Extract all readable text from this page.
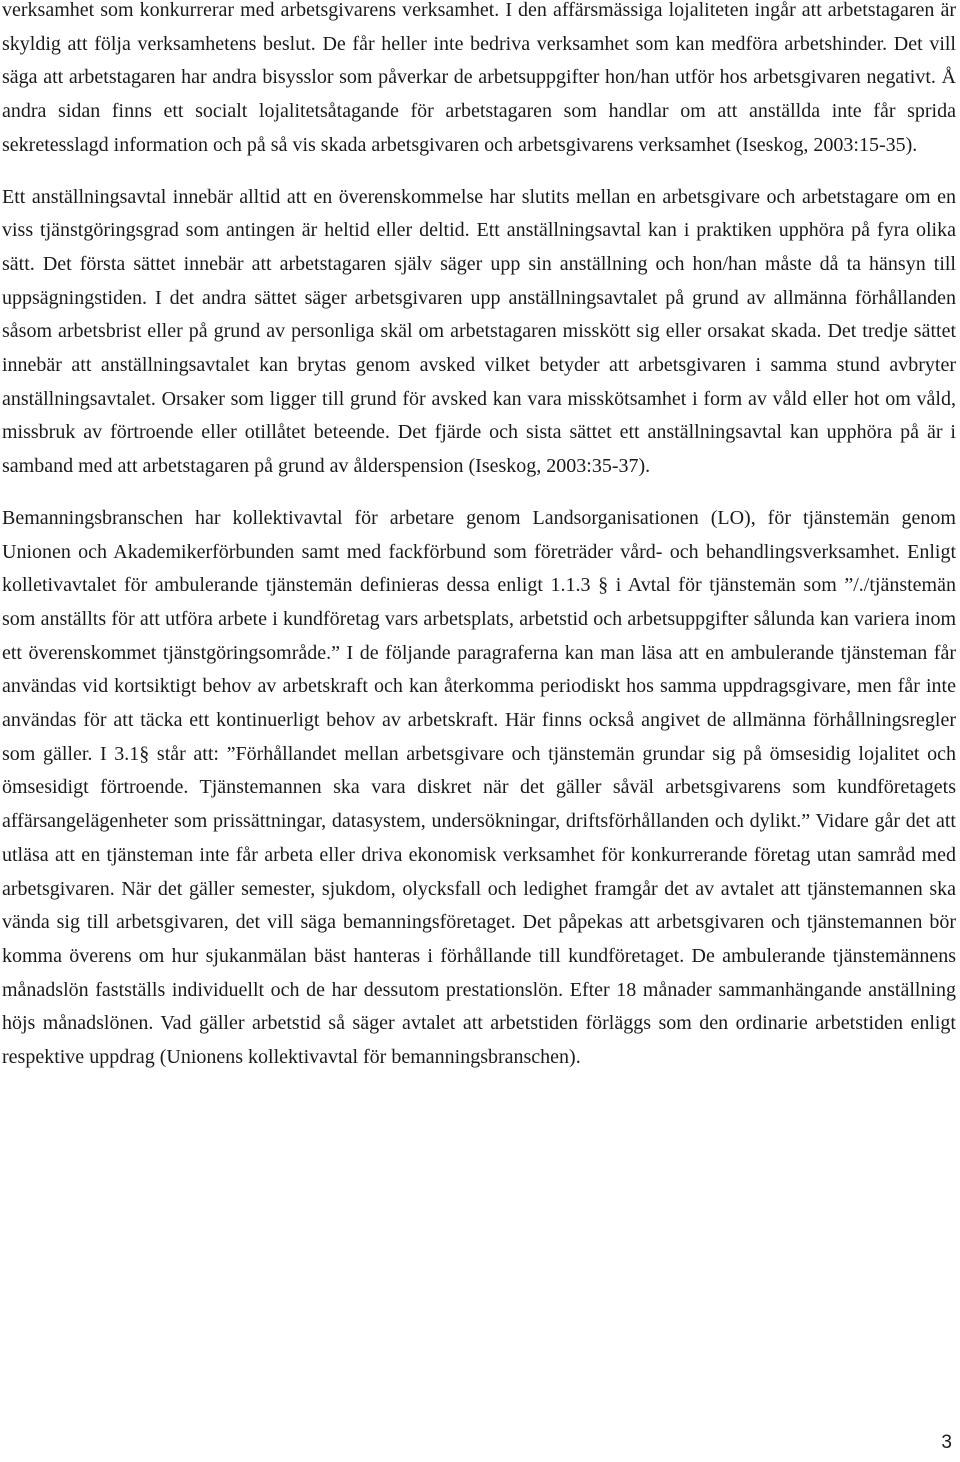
verksamhet som konkurrerar med arbetsgivarens verksamhet. I den affärsmässiga lojaliteten ingår att arbetstagaren är skyldig att följa verksamhetens beslut. De får heller inte bedriva verksamhet som kan medföra arbetshinder. Det vill säga att arbetstagaren har andra bisysslor som påverkar de arbetsuppgifter hon/han utför hos arbetsgivaren negativt. Å andra sidan finns ett socialt lojalitetsåtagande för arbetstagaren som handlar om att anställda inte får sprida sekretesslagd information och på så vis skada arbetsgivaren och arbetsgivarens verksamhet (Iseskog, 2003:15-35).

Ett anställningsavtal innebär alltid att en överenskommelse har slutits mellan en arbetsgivare och arbetstagare om en viss tjänstgöringsgrad som antingen är heltid eller deltid. Ett anställningsavtal kan i praktiken upphöra på fyra olika sätt. Det första sättet innebär att arbetstagaren själv säger upp sin anställning och hon/han måste då ta hänsyn till uppsägningstiden. I det andra sättet säger arbetsgivaren upp anställningsavtalet på grund av allmänna förhållanden såsom arbetsbrist eller på grund av personliga skäl om arbetstagaren misskött sig eller orsakat skada. Det tredje sättet innebär att anställningsavtalet kan brytas genom avsked vilket betyder att arbetsgivaren i samma stund avbryter anställningsavtalet. Orsaker som ligger till grund för avsked kan vara misskötsamhet i form av våld eller hot om våld, missbruk av förtroende eller otillåtet beteende. Det fjärde och sista sättet ett anställningsavtal kan upphöra på är i samband med att arbetstagaren på grund av ålderspension (Iseskog, 2003:35-37).

Bemanningsbranschen har kollektivavtal för arbetare genom Landsorganisationen (LO), för tjänstemän genom Unionen och Akademikerförbunden samt med fackförbund som företräder vård- och behandlingsverksamhet. Enligt kolletivavtalet för ambulerande tjänstemän definieras dessa enligt 1.1.3 § i Avtal för tjänstemän som ”/./tjänstemän som anställts för att utföra arbete i kundföretag vars arbetsplats, arbetstid och arbetsuppgifter sålunda kan variera inom ett överenskommet tjänstgöringsområde.” I de följande paragraferna kan man läsa att en ambulerande tjänsteman får användas vid kortsiktigt behov av arbetskraft och kan återkomma periodiskt hos samma uppdragsgivare, men får inte användas för att täcka ett kontinuerligt behov av arbetskraft. Här finns också angivet de allmänna förhållningsregler som gäller. I 3.1§ står att: ”Förhållandet mellan arbetsgivare och tjänstemän grundar sig på ömsesidig lojalitet och ömsesidigt förtroende. Tjänstemannen ska vara diskret när det gäller såväl arbetsgivarens som kundföretagets affärsangelägenheter som prissättningar, datasystem, undersökningar, driftsförhållanden och dylikt.” Vidare går det att utläsa att en tjänsteman inte får arbeta eller driva ekonomisk verksamhet för konkurrerande företag utan samråd med arbetsgivaren. När det gäller semester, sjukdom, olycksfall och ledighet framgår det av avtalet att tjänstemannen ska vända sig till arbetsgivaren, det vill säga bemanningsföretaget. Det påpekas att arbetsgivaren och tjänstemannen bör komma överens om hur sjukanmälan bäst hanteras i förhållande till kundföretaget. De ambulerande tjänstemännens månadslön fastställs individuellt och de har dessutom prestationslön. Efter 18 månader sammanhängande anställning höjs månadslönen. Vad gäller arbetstid så säger avtalet att arbetstiden förläggs som den ordinarie arbetstiden enligt respektive uppdrag (Unionens kollektivavtal för bemanningsbranschen).

3
